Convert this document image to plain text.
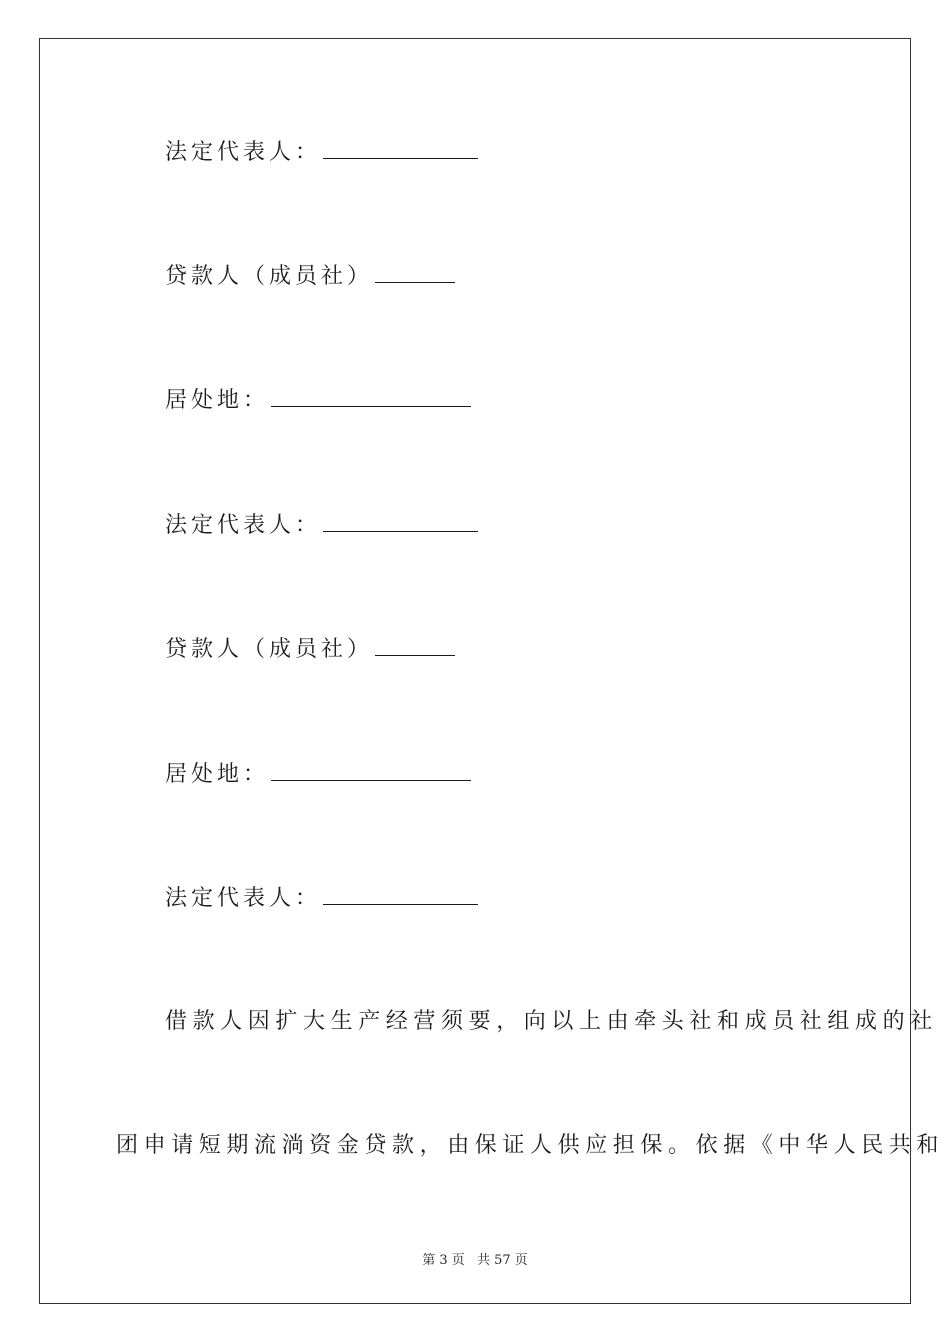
法定代表人：
贷款人（成员社）
居处地：
法定代表人：
贷款人（成员社）
居处地：
法定代表人：
借款人因扩大生产经营须要，向以上由牵头社和成员社组成的社
团申请短期流淌资金贷款，由保证人供应担保。依据《中华人民共和
第 3 页 共 57 页
